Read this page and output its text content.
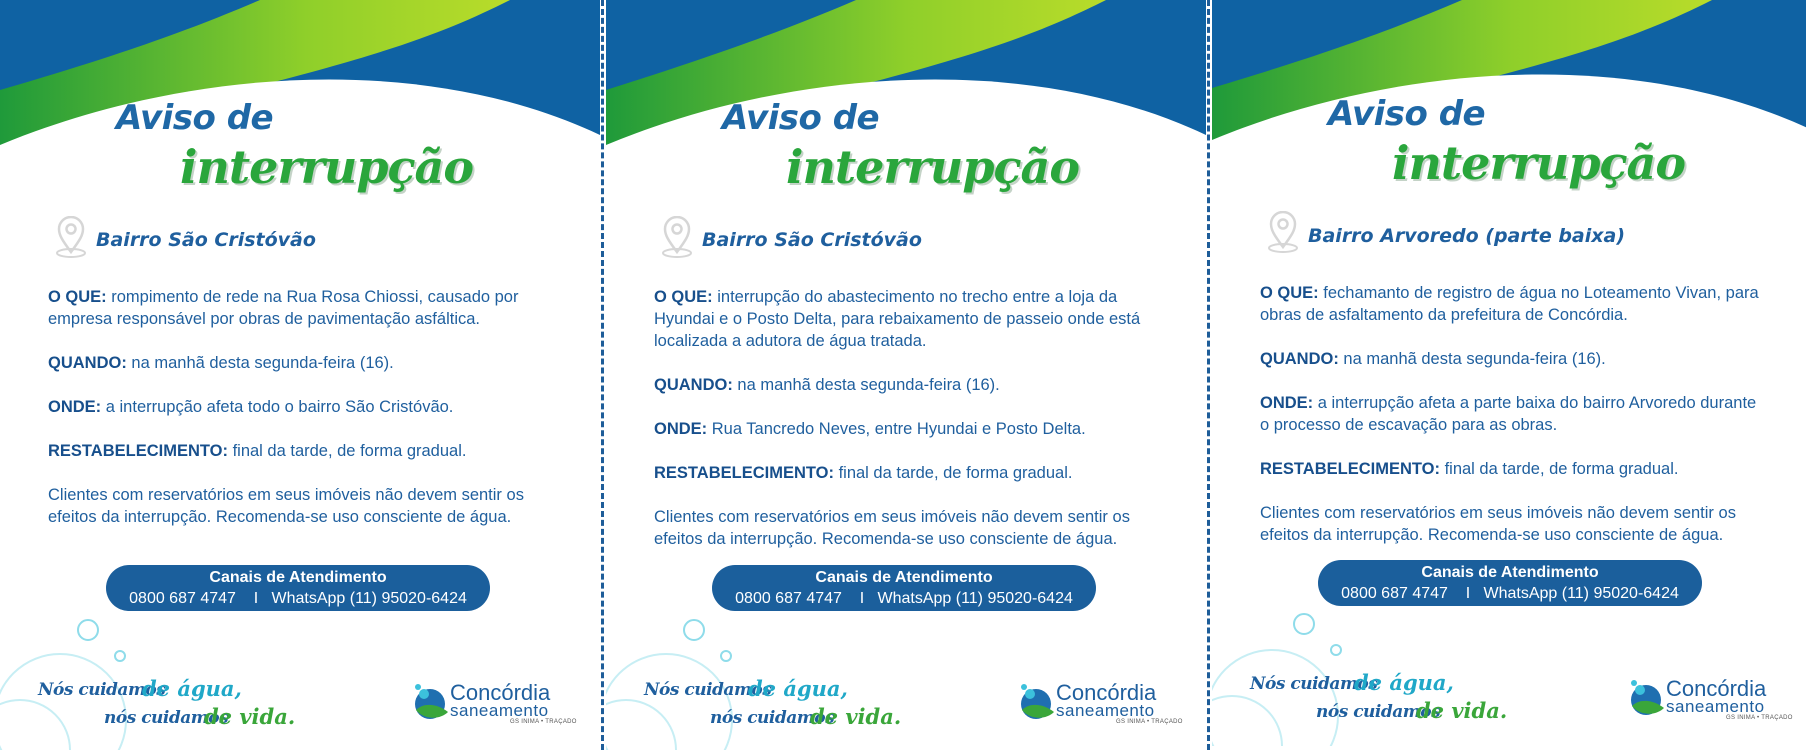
Aviso de
interrupção
Bairro São Cristóvão

O QUE: rompimento de rede na Rua Rosa Chiossi, causado por empresa responsável por obras de pavimentação asfáltica.

QUANDO: na manhã desta segunda-feira (16).

ONDE: a interrupção afeta todo o bairro São Cristóvão.

RESTABELECIMENTO: final da tarde, de forma gradual.

Clientes com reservatórios em seus imóveis não devem sentir os efeitos da interrupção. Recomenda-se uso consciente de água.

Canais de Atendimento
0800 687 4747    I   WhatsApp (11) 95020-6424
Nós cuidamos
de água,
nós cuidamos
de vida.
Concórdia
saneamento
GS INIMA • TRAÇADO
Aviso de
interrupção
Bairro São Cristóvão

O QUE: interrupção do abastecimento no trecho entre a loja da Hyundai e o Posto Delta, para rebaixamento de passeio onde está localizada a adutora de água tratada.

QUANDO: na manhã desta segunda-feira (16).

ONDE: Rua Tancredo Neves, entre Hyundai e Posto Delta.

RESTABELECIMENTO: final da tarde, de forma gradual.

Clientes com reservatórios em seus imóveis não devem sentir os efeitos da interrupção. Recomenda-se uso consciente de água.

Canais de Atendimento
0800 687 4747    I   WhatsApp (11) 95020-6424
Nós cuidamos
de água,
nós cuidamos
de vida.
Concórdia
saneamento
GS INIMA • TRAÇADO
Aviso de
interrupção
Bairro Arvoredo (parte baixa)

O QUE: fechamanto de registro de água no Loteamento Vivan, para obras de asfaltamento da prefeitura de Concórdia.

QUANDO: na manhã desta segunda-feira (16).

ONDE: a interrupção afeta a parte baixa do bairro Arvoredo durante o processo de escavação para as obras.

RESTABELECIMENTO: final da tarde, de forma gradual.

Clientes com reservatórios em seus imóveis não devem sentir os efeitos da interrupção. Recomenda-se uso consciente de água.

Canais de Atendimento
0800 687 4747    I   WhatsApp (11) 95020-6424
Nós cuidamos
de água,
nós cuidamos
de vida.
Concórdia
saneamento
GS INIMA • TRAÇADO
